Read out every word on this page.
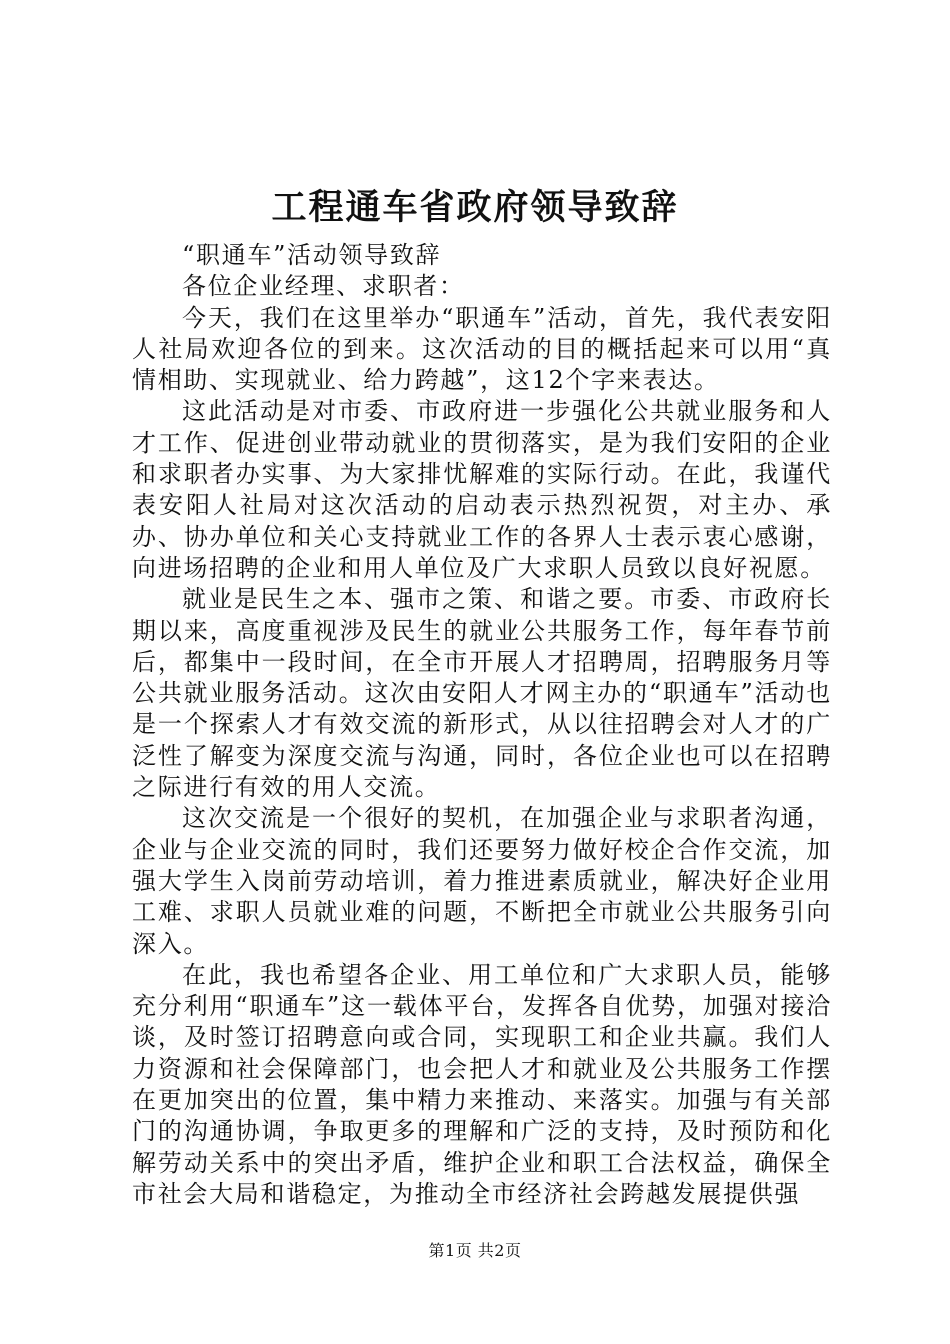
工程通车省政府领导致辞

“职通车”活动领导致辞

各位企业经理、求职者：

今天，我们在这里举办“职通车”活动，首先，我代表安阳人社局欢迎各位的到来。这次活动的目的概括起来可以用“真情相助、实现就业、给力跨越”，这12个字来表达。

这此活动是对市委、市政府进一步强化公共就业服务和人才工作、促进创业带动就业的贯彻落实，是为我们安阳的企业和求职者办实事、为大家排忧解难的实际行动。在此，我谨代表安阳人社局对这次活动的启动表示热烈祝贺，对主办、承办、协办单位和关心支持就业工作的各界人士表示衷心感谢，向进场招聘的企业和用人单位及广大求职人员致以良好祝愿。

就业是民生之本、强市之策、和谐之要。市委、市政府长期以来，高度重视涉及民生的就业公共服务工作，每年春节前后，都集中一段时间，在全市开展人才招聘周，招聘服务月等公共就业服务活动。这次由安阳人才网主办的“职通车”活动也是一个探索人才有效交流的新形式，从以往招聘会对人才的广泛性了解变为深度交流与沟通，同时，各位企业也可以在招聘之际进行有效的用人交流。

这次交流是一个很好的契机，在加强企业与求职者沟通，企业与企业交流的同时，我们还要努力做好校企合作交流，加强大学生入岗前劳动培训，着力推进素质就业，解决好企业用工难、求职人员就业难的问题，不断把全市就业公共服务引向深入。

在此，我也希望各企业、用工单位和广大求职人员，能够充分利用“职通车”这一载体平台，发挥各自优势，加强对接洽谈，及时签订招聘意向或合同，实现职工和企业共赢。我们人力资源和社会保障部门，也会把人才和就业及公共服务工作摆在更加突出的位置，集中精力来推动、来落实。加强与有关部门的沟通协调，争取更多的理解和广泛的支持，及时预防和化解劳动关系中的突出矛盾，维护企业和职工合法权益，确保全市社会大局和谐稳定，为推动全市经济社会跨越发展提供强

第1页 共2页
